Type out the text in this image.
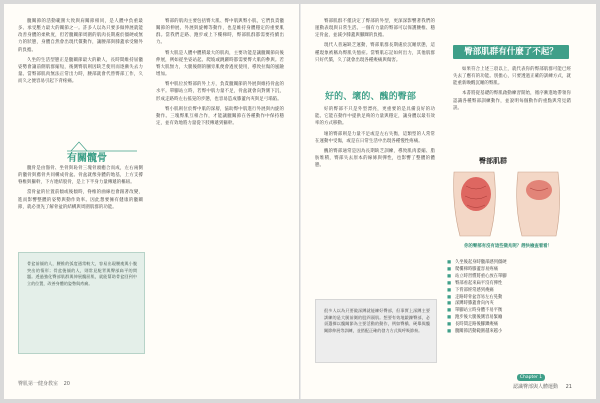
髖關節的活動範圍大致與肩關節相同，是人體中負重最多、承受壓力最大的關節之一。許多人以為只要多做伸展就能改善身體的柔軟度，但若髖關節周圍的肌肉長期處於僵硬或無力的狀態，身體自然會出現代償動作，讓腰部與膝蓋承受額外的負擔。

久坐的生活型態正是髖關節最大的敵人，長時間維持屈髖姿勢會讓前側肌群縮短，後側臀肌則因缺乏使用而逐漸失去力量。當臀部肌肉無法正常出力時，腰部就會代替臀部工作，久而久之便容易引起下背疼痛。

有關髖骨

髖骨是由髂骨、坐骨與恥骨三塊骨頭癒合而成，左右兩側的髖骨與薦骨共同構成骨盆。骨盆就像身體的地基，上方支撐脊椎與軀幹，下方連結股骨，是上下半身力量傳遞的樞紐。

當骨盆的位置前傾或後傾時，脊椎的曲線也會跟著改變，進而影響整體的姿勢與動作效率。因此想要擁有健康的髖關節，就必須先了解骨盆的結構與周圍肌群的功能。

骨盆前傾的人，腰椎的弧度通常較大，容易出現腰痠與小腹突出的情形；骨盆後傾的人，則常見駝背與臀部扁平的問題。透過強化臀部肌群與伸展髖屈肌，就能幫助骨盆回到中立的位置，改善身體的姿勢與疼痛。

臀部的肌肉主要包括臀大肌、臀中肌與臀小肌，它們負責髖關節的伸展、外展與旋轉等動作，也是維持身體穩定的重要肌群。當我們走路、跑步或上下樓梯時，臀部肌群都需要持續出力。

臀大肌是人體中體積最大的肌肉，主要功能是讓髖關節向後伸展，例如從坐姿站起、爬坡或跳躍時都需要臀大肌的參與。若臀大肌無力，大腿後側的膕旁肌便會過度使用，導致拉傷的風險增加。

臀中肌位於臀部的外上方，負責髖關節的外展與維持骨盆的水平。單腳站立時，若臀中肌力量不足，骨盆就會向對側下沉，形成走路時左右搖晃的步態，也容易造成膝蓋內夾與足弓塌陷。

臀小肌則位於臀中肌的深層，協助臀中肌進行外展與內旋的動作。三塊臀肌互相合作，才能讓髖關節在各種動作中保持穩定，並有效地將力量從下肢傳遞到軀幹。

臀肌第一健身教室 20

臀部肌群不僅決定了臀部的外型，更深深影響著我們的運動表現與日常生活。一個有力量的臀部可以保護腰椎、穩定骨盆，並減少膝蓋與腳踝的負擔。

現代人普遍缺乏運動，臀部肌群長期處於沉睡狀態，這種現象被稱為臀肌失憶症。當臀肌忘記如何出力，其他肌群只好代償，久了就會出現各種痠痛與傷害。

臀部肌群有什麼了不起？

如果符合上述三項以上，就代表你的臀部肌群可能已經失去了應有的功能。別擔心，只要透過正確的訓練方式，就能重新喚醒沉睡的臀肌。

本書將從基礎的臀肌啟動練習開始，循序漸進地帶領你認識各種臀部訓練動作，並說明每個動作的重點與常見錯誤。

臀部肌群
你的臀部有沒有這些徵兆呢？趕快檢查看看！
■ 久坐後起身時髖部感到僵硬
■ 爬樓梯時膝蓋容易疼痛
■ 站立時習慣將重心放在單腳
■ 臀部看起來扁平沒有彈性
■ 下背部經常感到痠痛
■ 走路時骨盆容易左右晃動
■ 深蹲時膝蓋會向內夾
■ 單腳站立時身體不易平衡
■ 跑步後大腿後側容易緊繃
■ 長時間走路後腳踝痠痛
■ 髖關節活動範圍越來越小
好的、壞的、醜的臀部

好的臀部不只是外型漂亮，更重要的是具備良好的功能。它能在動作中提供足夠的力量與穩定，讓身體以最有效率的方式移動。

壞的臀部則是力量不足或是左右失衡，這類型的人常常在運動中受傷，或是在日常生活中出現各種慢性疼痛。

醜的臀部通常是因為長期缺乏訓練，導致肌肉萎縮、脂肪堆積，臀部失去原本的線條與彈性，也影響了整體的體態。

很多人以為只要做深蹲就能練好臀部，但事實上深蹲主要訓練的是大腿前側的股四頭肌。想要有效地鍛鍊臀部，必須選擇以髖關節為主要活動的動作，例如臀橋、硬舉與髖關節伸展等訓練，並搭配正確的發力方式與呼吸節奏。
Chapter 1
認識臀部與人體運動 21
